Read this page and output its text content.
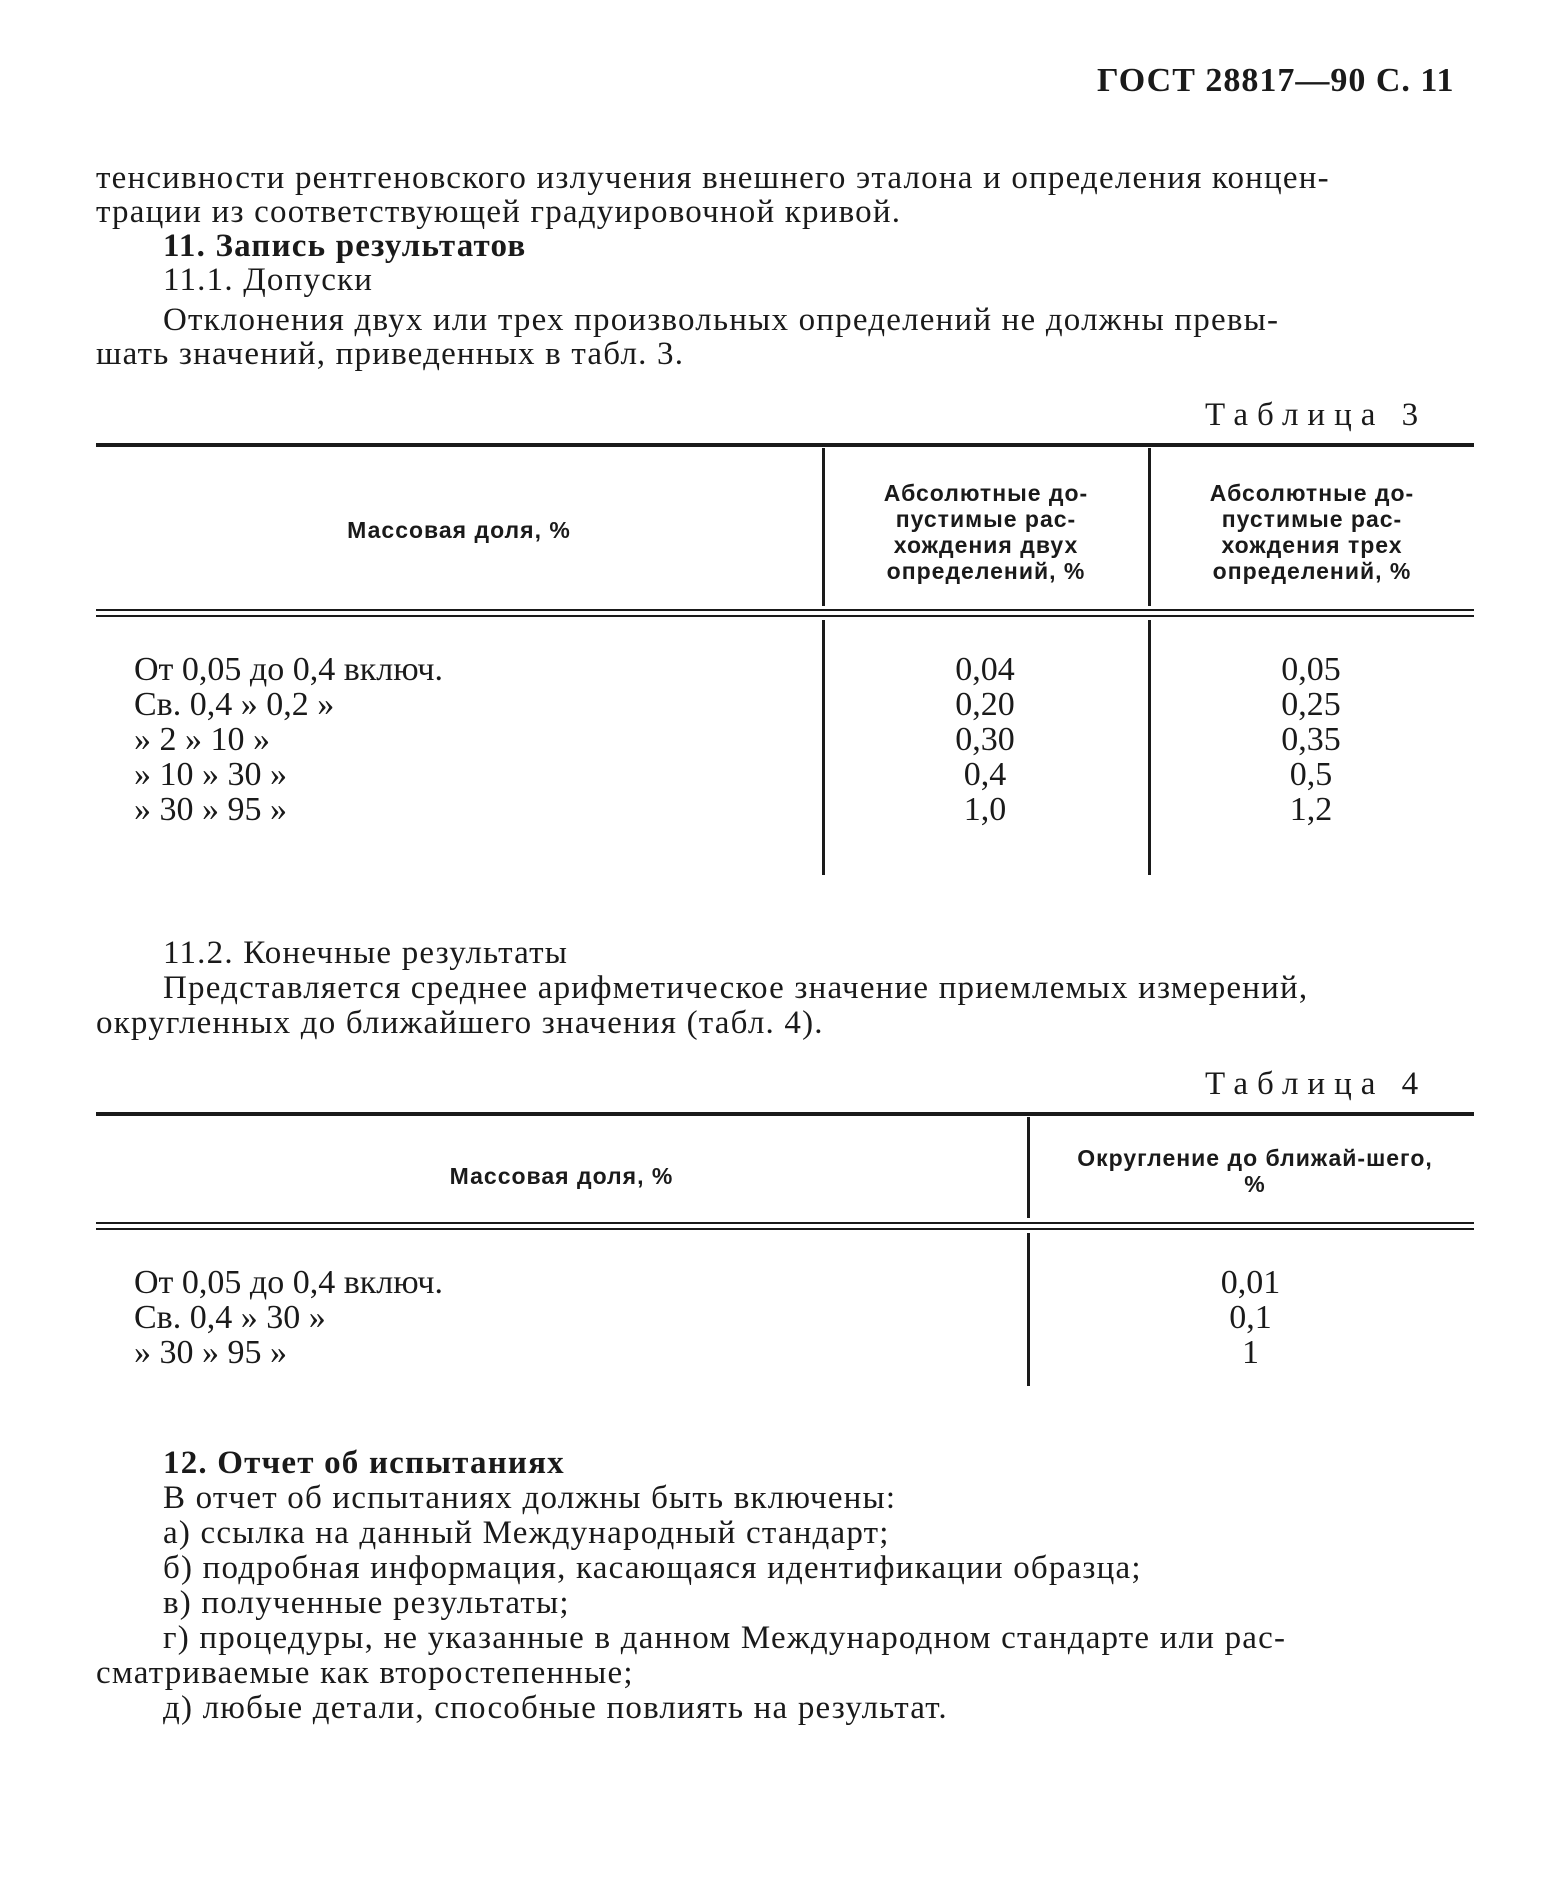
ГОСТ 28817—90 С. 11
тенсивности рентгеновского излучения внешнего эталона и определения концен-
трации из соответствующей градуировочной кривой.
11. Запись результатов
11.1. Допуски
Отклонения двух или трех произвольных определений не должны превы-
шать значений, приведенных в табл. 3.
Таблица 3
Массовая доля, %
Абсолютные до-пустимые рас-хождения двух определений, %
Абсолютные до-пустимые рас-хождения трех определений, %
От 0,05 до 0,4 включ.
Св. 0,4 » 0,2 »
» 2 » 10 »
» 10 » 30 »
» 30 » 95 »
0,04
0,20
0,30
0,4
1,0
0,05
0,25
0,35
0,5
1,2
11.2. Конечные результаты
Представляется среднее арифметическое значение приемлемых измерений,
округленных до ближайшего значения (табл. 4).
Таблица 4
Массовая доля, %
Округление до ближай-шего, %
От 0,05 до 0,4 включ.
Св. 0,4 » 30 »
» 30 » 95 »
0,01
0,1
1
12. Отчет об испытаниях
В отчет об испытаниях должны быть включены:
а) ссылка на данный Международный стандарт;
б) подробная информация, касающаяся идентификации образца;
в) полученные результаты;
г) процедуры, не указанные в данном Международном стандарте или рас-
сматриваемые как второстепенные;
д) любые детали, способные повлиять на результат.
